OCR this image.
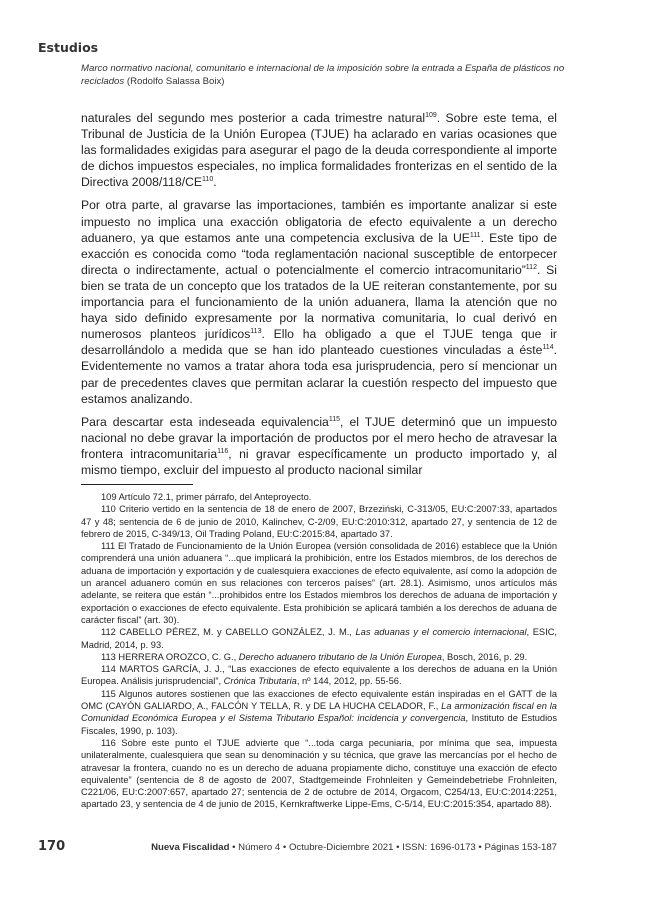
Estudios
Marco normativo nacional, comunitario e internacional de la imposición sobre la entrada a España de plásticos no reciclados (Rodolfo Salassa Boix)

naturales del segundo mes posterior a cada trimestre natural$^{109}$. Sobre este tema, el Tribunal de Justicia de la Unión Europea (TJUE) ha aclarado en varias ocasiones que las formalidades exigidas para asegurar el pago de la deuda correspondiente al importe de dichos impuestos especiales, no implica formalidades fronterizas en el sentido de la Directiva 2008/118/CE$^{110}$.

Por otra parte, al gravarse las importaciones, también es importante analizar si este impuesto no implica una exacción obligatoria de efecto equivalente a un derecho aduanero, ya que estamos ante una competencia exclusiva de la UE$^{111}$. Este tipo de exacción es conocida como “toda reglamentación nacional susceptible de entorpecer directa o indirectamente, actual o potencialmente el comercio intracomunitario”$^{112}$. Si bien se trata de un concepto que los tratados de la UE reiteran constantemente, por su importancia para el funcionamiento de la unión aduanera, llama la atención que no haya sido definido expresamente por la normativa comunitaria, lo cual derivó en numerosos planteos jurídicos$^{113}$. Ello ha obligado a que el TJUE tenga que ir desarrollándolo a medida que se han ido planteado cuestiones vinculadas a éste$^{114}$. Evidentemente no vamos a tratar ahora toda esa jurisprudencia, pero sí mencionar un par de precedentes claves que permitan aclarar la cuestión respecto del impuesto que estamos analizando.

Para descartar esta indeseada equivalencia$^{115}$, el TJUE determinó que un impuesto nacional no debe gravar la importación de productos por el mero hecho de atravesar la frontera intracomunitaria$^{116}$, ni gravar específicamente un producto importado y, al mismo tiempo, excluir del impuesto al producto nacional similar

109 Artículo 72.1, primer párrafo, del Anteproyecto.

110 Criterio vertido en la sentencia de 18 de enero de 2007, Brzeziński, C-313/05, EU:C:2007:33, apartados 47 y 48; sentencia de 6 de junio de 2010, Kalinchev, C-2/09, EU:C:2010:312, apartado 27, y sentencia de 12 de febrero de 2015, C-349/13, Oil Trading Poland, EU:C:2015:84, apartado 37.

111 El Tratado de Funcionamiento de la Unión Europea (versión consolidada de 2016) establece que la Unión comprenderá una unión aduanera “...que implicará la prohibición, entre los Estados miembros, de los derechos de aduana de importación y exportación y de cualesquiera exacciones de efecto equivalente, así como la adopción de un arancel aduanero común en sus relaciones con terceros países” (art. 28.1). Asimismo, unos artículos más adelante, se reitera que están “...prohibidos entre los Estados miembros los derechos de aduana de importación y exportación o exacciones de efecto equivalente. Esta prohibición se aplicará también a los derechos de aduana de carácter fiscal” (art. 30).

112 CABELLO PÉREZ, M. y CABELLO GONZÁLEZ, J. M., Las aduanas y el comercio internacional, ESIC, Madrid, 2014, p. 93.

113 HERRERA OROZCO, C. G., Derecho aduanero tributario de la Unión Europea, Bosch, 2016, p. 29.

114 MARTOS GARCÍA, J. J., “Las exacciones de efecto equivalente a los derechos de aduana en la Unión Europea. Análisis jurisprudencial”, Crónica Tributaria, nº 144, 2012, pp. 55-56.

115 Algunos autores sostienen que las exacciones de efecto equivalente están inspiradas en el GATT de la OMC (CAYÓN GALIARDO, A., FALCÓN Y TELLA, R. y DE LA HUCHA CELADOR, F., La armonización fiscal en la Comunidad Económica Europea y el Sistema Tributario Español: incidencia y convergencia, Instituto de Estudios Fiscales, 1990, p. 103).

116 Sobre este punto el TJUE advierte que “...toda carga pecuniaria, por mínima que sea, impuesta unilateralmente, cualesquiera que sean su denominación y su técnica, que grave las mercancías por el hecho de atravesar la frontera, cuando no es un derecho de aduana propiamente dicho, constituye una exacción de efecto equivalente” (sentencia de 8 de agosto de 2007, Stadtgemeinde Frohnleiten y Gemeindebetriebe Frohnleiten, C221/06, EU:C:2007:657, apartado 27; sentencia de 2 de octubre de 2014, Orgacom, C254/13, EU:C:2014:2251, apartado 23, y sentencia de 4 de junio de 2015, Kernkraftwerke Lippe-Ems, C-5/14, EU:C:2015:354, apartado 88).

170	Nueva Fiscalidad • Número 4 • Octubre-Diciembre 2021 • ISSN: 1696-0173 • Páginas 153-187
